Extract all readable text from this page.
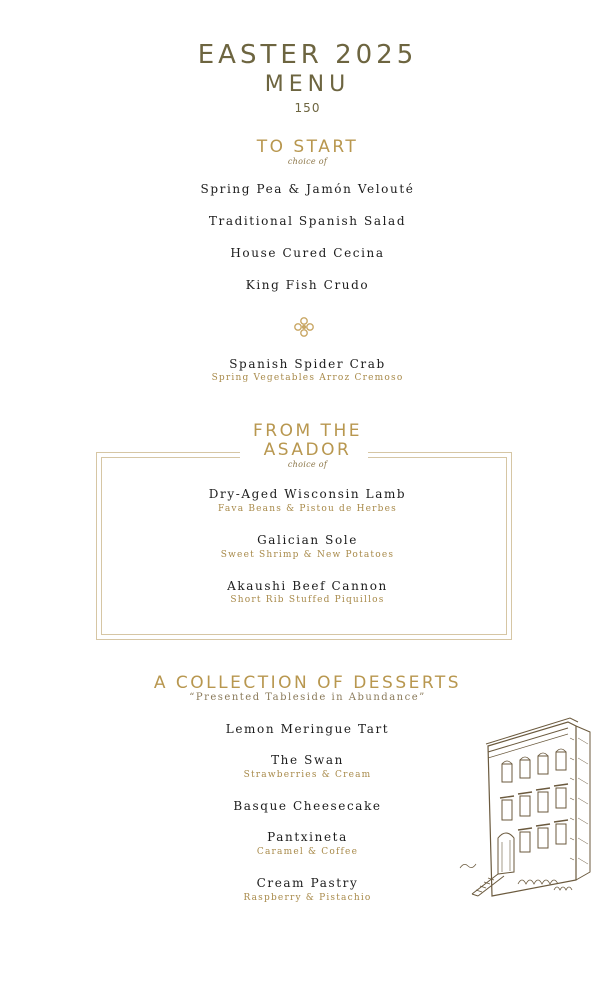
EASTER 2025
MENU
150
TO START
choice of
Spring Pea & Jamón Velouté
Traditional Spanish Salad
House Cured Cecina
King Fish Crudo
Spanish Spider Crab
Spring Vegetables Arroz Cremoso
FROM THE
ASADOR
choice of
Dry-Aged Wisconsin Lamb
Fava Beans & Pistou de Herbes
Galician Sole
Sweet Shrimp & New Potatoes
Akaushi Beef Cannon
Short Rib Stuffed Piquillos
A COLLECTION OF DESSERTS
“Presented Tableside in Abundance”
Lemon Meringue Tart
The Swan
Strawberries & Cream
Basque Cheesecake
Pantxineta
Caramel & Coffee
Cream Pastry
Raspberry & Pistachio
